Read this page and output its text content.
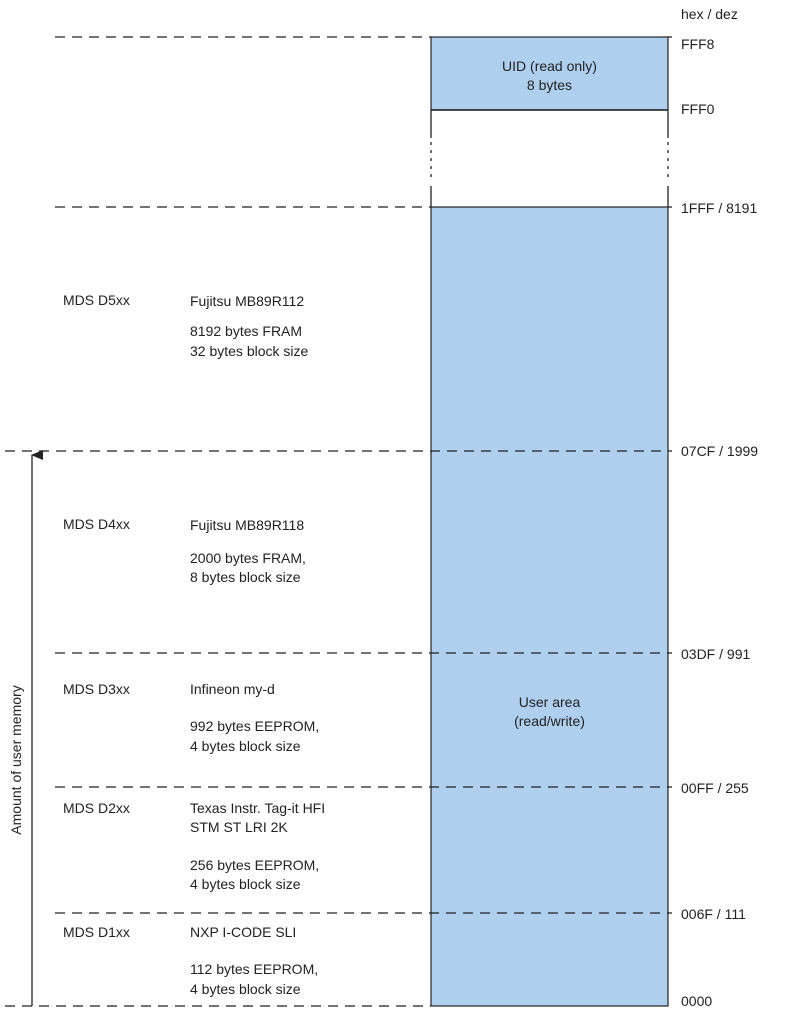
hex / dez
UID (read only)
8 bytes
User area
(read/write)
FFF8
FFF0
1FFF / 8191
07CF / 1999
03DF / 991
00FF / 255
006F / 111
0000
Amount of user memory
MDS D5xx	Fujitsu MB89R112
8192 bytes FRAM
32 bytes block size
MDS D4xx	Fujitsu MB89R118
2000 bytes FRAM,
8 bytes block size
MDS D3xx	Infineon my-d
992 bytes EEPROM,
4 bytes block size
MDS D2xx	Texas Instr. Tag-it HFI
STM ST LRI 2K
256 bytes EEPROM,
4 bytes block size
MDS D1xx	NXP I-CODE SLI
112 bytes EEPROM,
4 bytes block size
